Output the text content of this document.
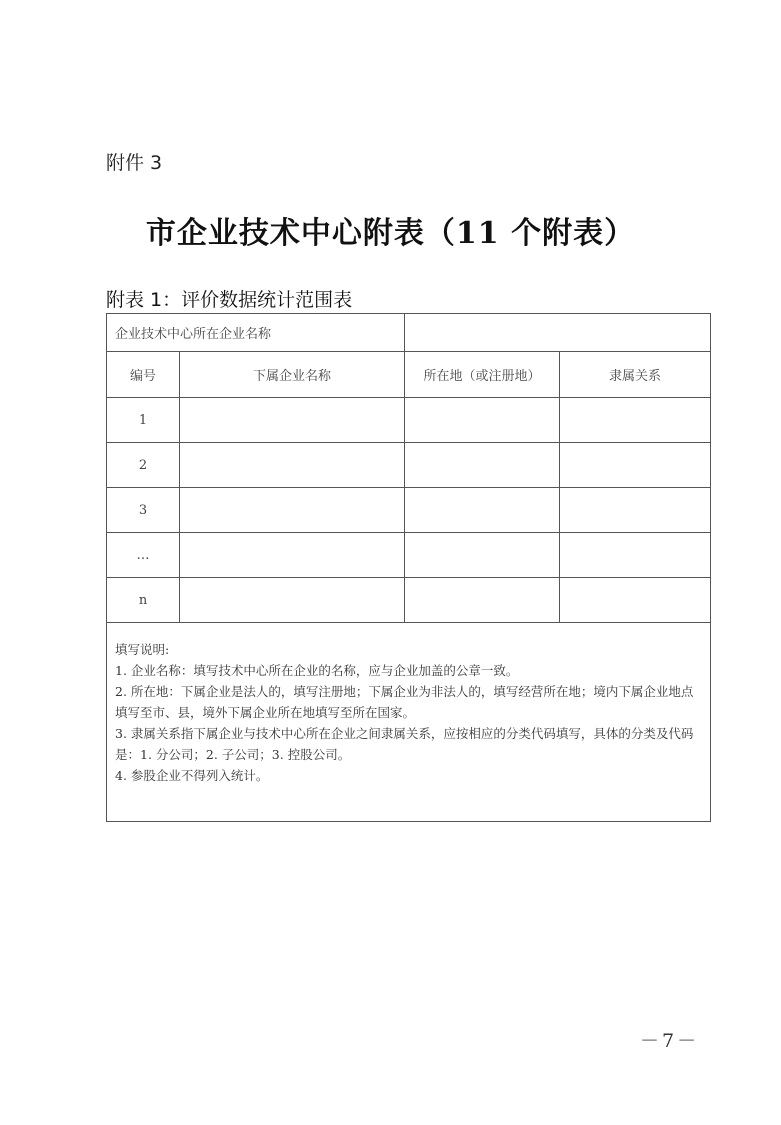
附件 3
市企业技术中心附表（11 个附表）
附表 1：评价数据统计范围表
企业技术中心所在企业名称			
编号	下属企业名称	所在地（或注册地）	隶属关系
1			
2			
3			
…			
n			

填写说明:
1. 企业名称：填写技术中心所在企业的名称，应与企业加盖的公章一致。
2. 所在地：下属企业是法人的，填写注册地；下属企业为非法人的，填写经营所在地；境内下属企业地点填写至市、县，境外下属企业所在地填写至所在国家。
3. 隶属关系指下属企业与技术中心所在企业之间隶属关系，应按相应的分类代码填写，具体的分类及代码是：1. 分公司；2. 子公司；3. 控股公司。
4. 参股企业不得列入统计。			
－7－
